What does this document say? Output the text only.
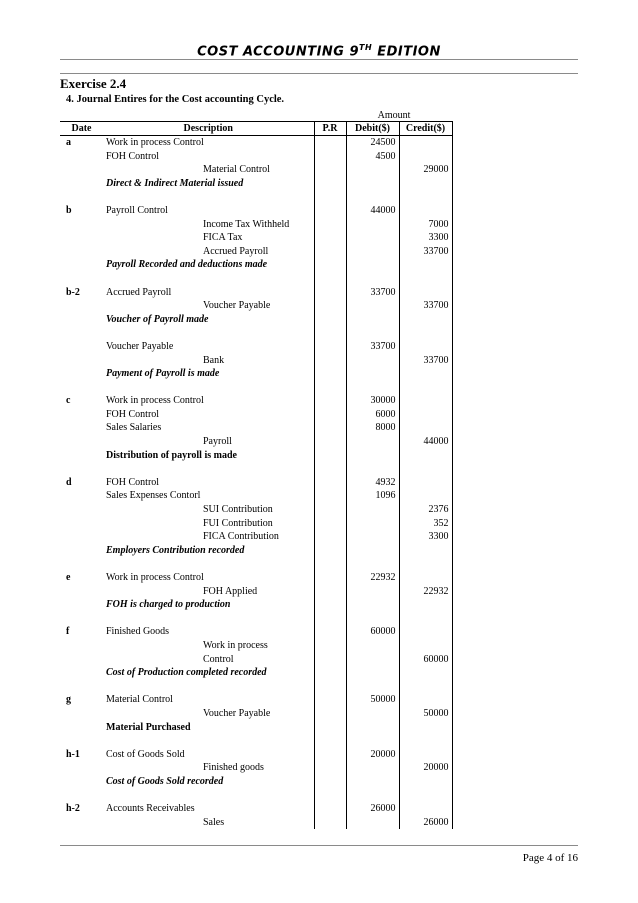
COST ACCOUNTING 9TH EDITION
Exercise 2.4
4. Journal Entires for the Cost accounting Cycle.
Amount
Date	Description	P.R	Debit($)	Credit($)
a	Work in process Control		24500	
	FOH Control		4500	
	Material Control			29000
	Direct & Indirect Material issued			

b	Payroll Control		44000	
	Income Tax Withheld			7000
	FICA Tax			3300
	Accrued Payroll			33700
	Payroll Recorded and deductions made			

b-2	Accrued Payroll		33700	
	Voucher Payable			33700
	Voucher of Payroll made			

	Voucher Payable		33700	
	Bank			33700
	Payment of Payroll is made			

c	Work in process Control		30000	
	FOH Control		6000	
	Sales Salaries		8000	
	Payroll			44000
	Distribution of payroll is made			

d	FOH Control		4932	
	Sales Expenses Contorl		1096	
	SUI Contribution			2376
	FUI Contribution			352
	FICA Contribution			3300
	Employers Contribution recorded			

e	Work in process Control		22932	
	FOH Applied			22932
	FOH is charged to production			

f	Finished Goods		60000	
	Work in process			
	Control			60000
	Cost of Production completed recorded			

g	Material Control		50000	
	Voucher Payable			50000
	Material Purchased			

h-1	Cost of Goods Sold		20000	
	Finished goods			20000
	Cost of Goods Sold recorded			

h-2	Accounts Receivables		26000	
	Sales			26000
Page 4 of 16
